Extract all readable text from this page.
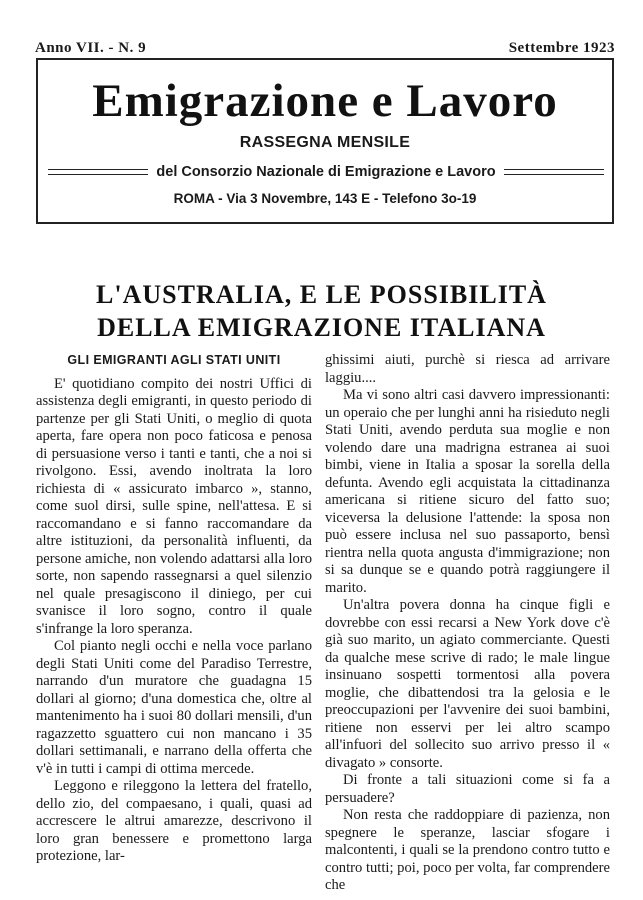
Anno VII. - N. 9	Settembre 1923
Emigrazione e Lavoro
RASSEGNA MENSILE
del Consorzio Nazionale di Emigrazione e Lavoro
ROMA - Via 3 Novembre, 143 E - Telefono 3o-19
L'AUSTRALIA, E LE POSSIBILITÀ
DELLA EMIGRAZIONE ITALIANA
GLI EMIGRANTI AGLI STATI UNITI

E' quotidiano compito dei nostri Uffici di assistenza degli emigranti, in questo periodo di partenze per gli Stati Uniti, o meglio di quota aperta, fare opera non poco faticosa e penosa di persuasione verso i tanti e tanti, che a noi si rivolgono. Essi, avendo inoltrata la loro richiesta di « assicurato imbarco », stanno, come suol dirsi, sulle spine, nell'attesa. E si raccomandano e si fanno raccomandare da altre istituzioni, da personalità influenti, da persone amiche, non volendo adattarsi alla loro sorte, non sapendo rassegnarsi a quel silenzio nel quale presagiscono il diniego, per cui svanisce il loro sogno, contro il quale s'infrange la loro speranza.

Col pianto negli occhi e nella voce parlano degli Stati Uniti come del Paradiso Terrestre, narrando d'un muratore che guadagna 15 dollari al giorno; d'una domestica che, oltre al mantenimento ha i suoi 80 dollari mensili, d'un ragazzetto sguattero cui non mancano i 35 dollari settimanali, e narrano della offerta che v'è in tutti i campi di ottima mercede.

Leggono e rileggono la lettera del fratello, dello zio, del compaesano, i quali, quasi ad accrescere le altrui amarezze, descrivono il loro gran benessere e promettono larga protezione, lar-

ghissimi aiuti, purchè si riesca ad arrivare laggiu....

Ma vi sono altri casi davvero impressionanti: un operaio che per lunghi anni ha risieduto negli Stati Uniti, avendo perduta sua moglie e non volendo dare una madrigna estranea ai suoi bimbi, viene in Italia a sposar la sorella della defunta. Avendo egli acquistata la cittadinanza americana si ritiene sicuro del fatto suo; viceversa la delusione l'attende: la sposa non può essere inclusa nel suo passaporto, bensì rientra nella quota angusta d'immigrazione; non si sa dunque se e quando potrà raggiungere il marito.

Un'altra povera donna ha cinque figli e dovrebbe con essi recarsi a New York dove c'è già suo marito, un agiato commerciante. Questi da qualche mese scrive di rado; le male lingue insinuano sospetti tormentosi alla povera moglie, che dibattendosi tra la gelosia e le preoccupazioni per l'avvenire dei suoi bambini, ritiene non esservi per lei altro scampo all'infuori del sollecito suo arrivo presso il « divagato » consorte.

Di fronte a tali situazioni come si fa a persuadere?

Non resta che raddoppiare di pazienza, non spegnere le speranze, lasciar sfogare i malcontenti, i quali se la prendono contro tutto e contro tutti; poi, poco per volta, far comprendere che
